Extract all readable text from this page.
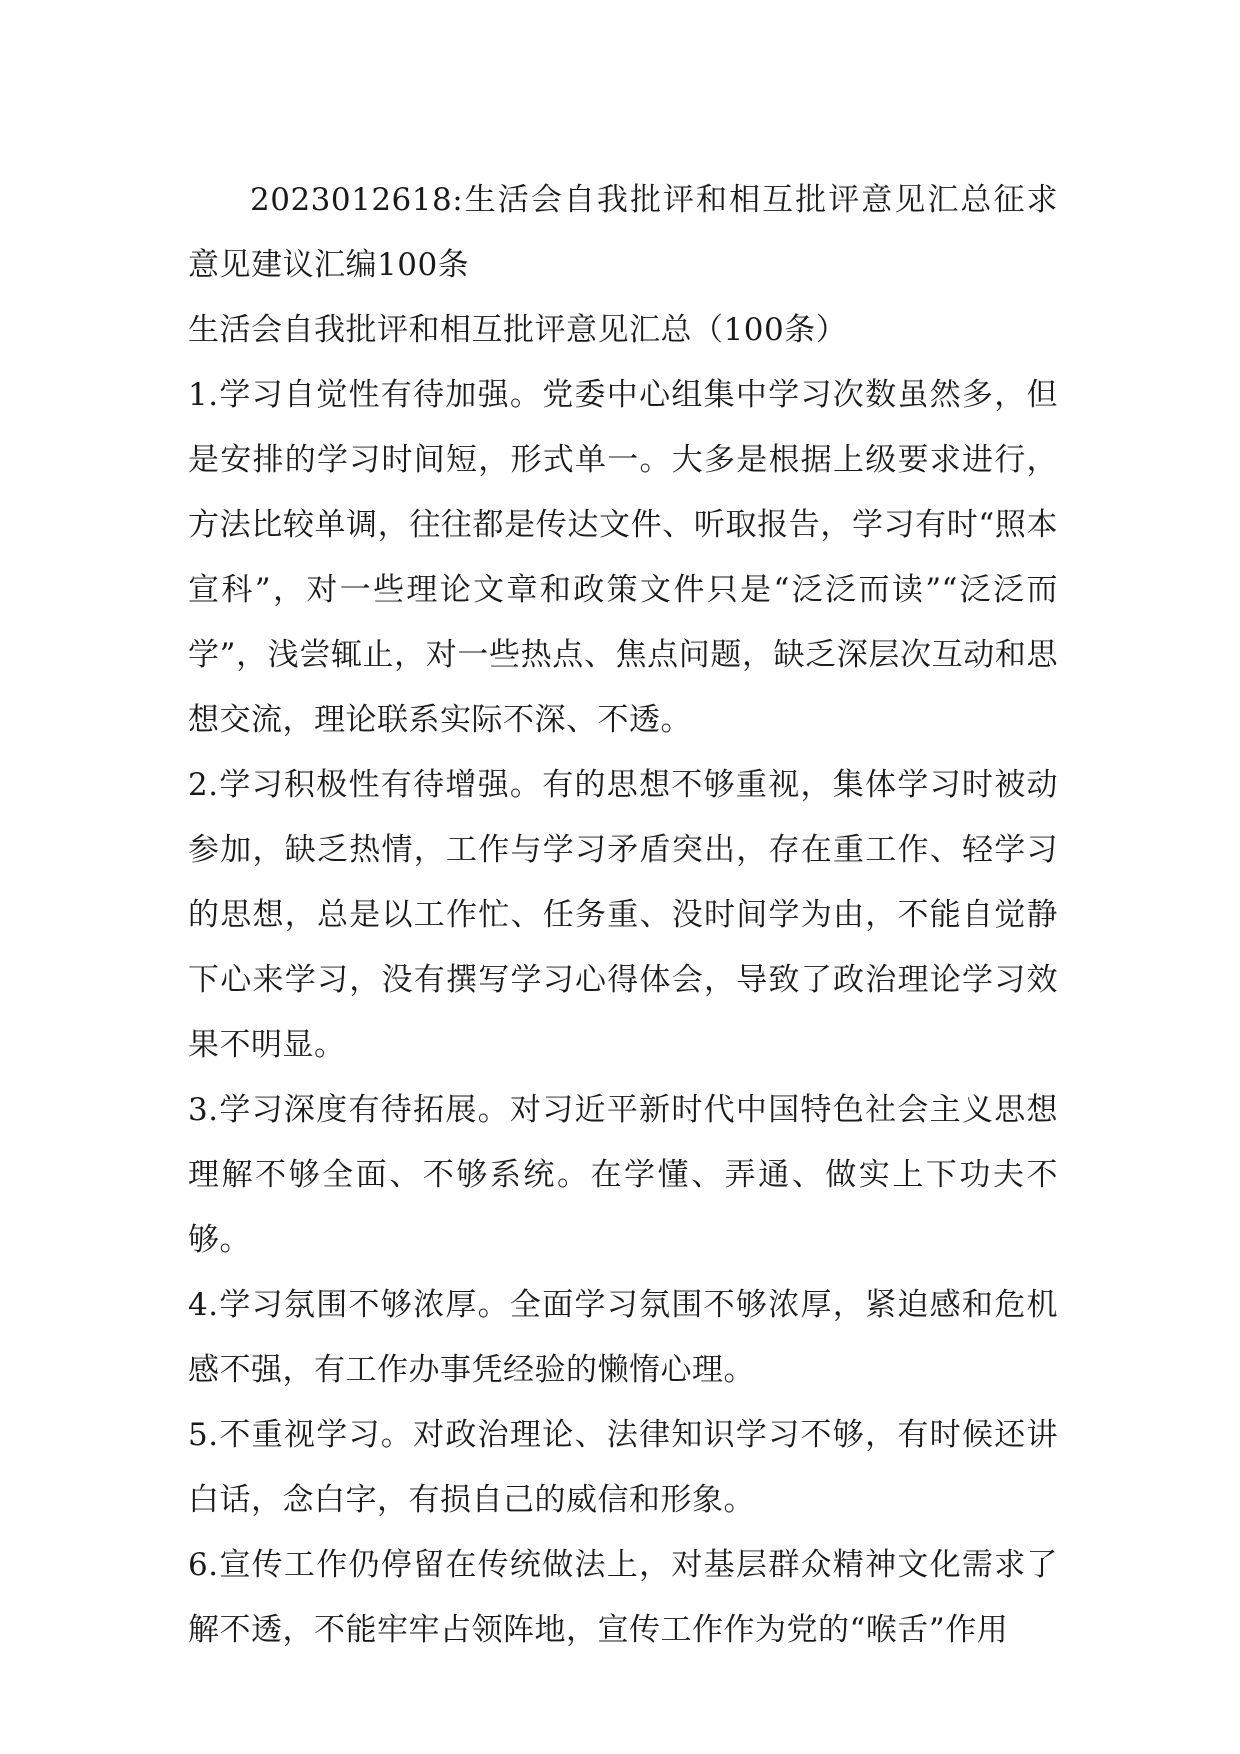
2023012618:生活会自我批评和相互批评意见汇总征求意见建议汇编100条

生活会自我批评和相互批评意见汇总（100条）

1.学习自觉性有待加强。党委中心组集中学习次数虽然多，但是安排的学习时间短，形式单一。大多是根据上级要求进行，方法比较单调，往往都是传达文件、听取报告，学习有时“照本宣科”，对一些理论文章和政策文件只是“泛泛而读”“泛泛而学”，浅尝辄止，对一些热点、焦点问题，缺乏深层次互动和思想交流，理论联系实际不深、不透。

2.学习积极性有待增强。有的思想不够重视，集体学习时被动参加，缺乏热情，工作与学习矛盾突出，存在重工作、轻学习的思想，总是以工作忙、任务重、没时间学为由，不能自觉静下心来学习，没有撰写学习心得体会，导致了政治理论学习效果不明显。

3.学习深度有待拓展。对习近平新时代中国特色社会主义思想理解不够全面、不够系统。在学懂、弄通、做实上下功夫不够。

4.学习氛围不够浓厚。全面学习氛围不够浓厚，紧迫感和危机感不强，有工作办事凭经验的懒惰心理。

5.不重视学习。对政治理论、法律知识学习不够，有时候还讲白话，念白字，有损自己的威信和形象。

6.宣传工作仍停留在传统做法上，对基层群众精神文化需求了解不透，不能牢牢占领阵地，宣传工作作为党的“喉舌”作用
